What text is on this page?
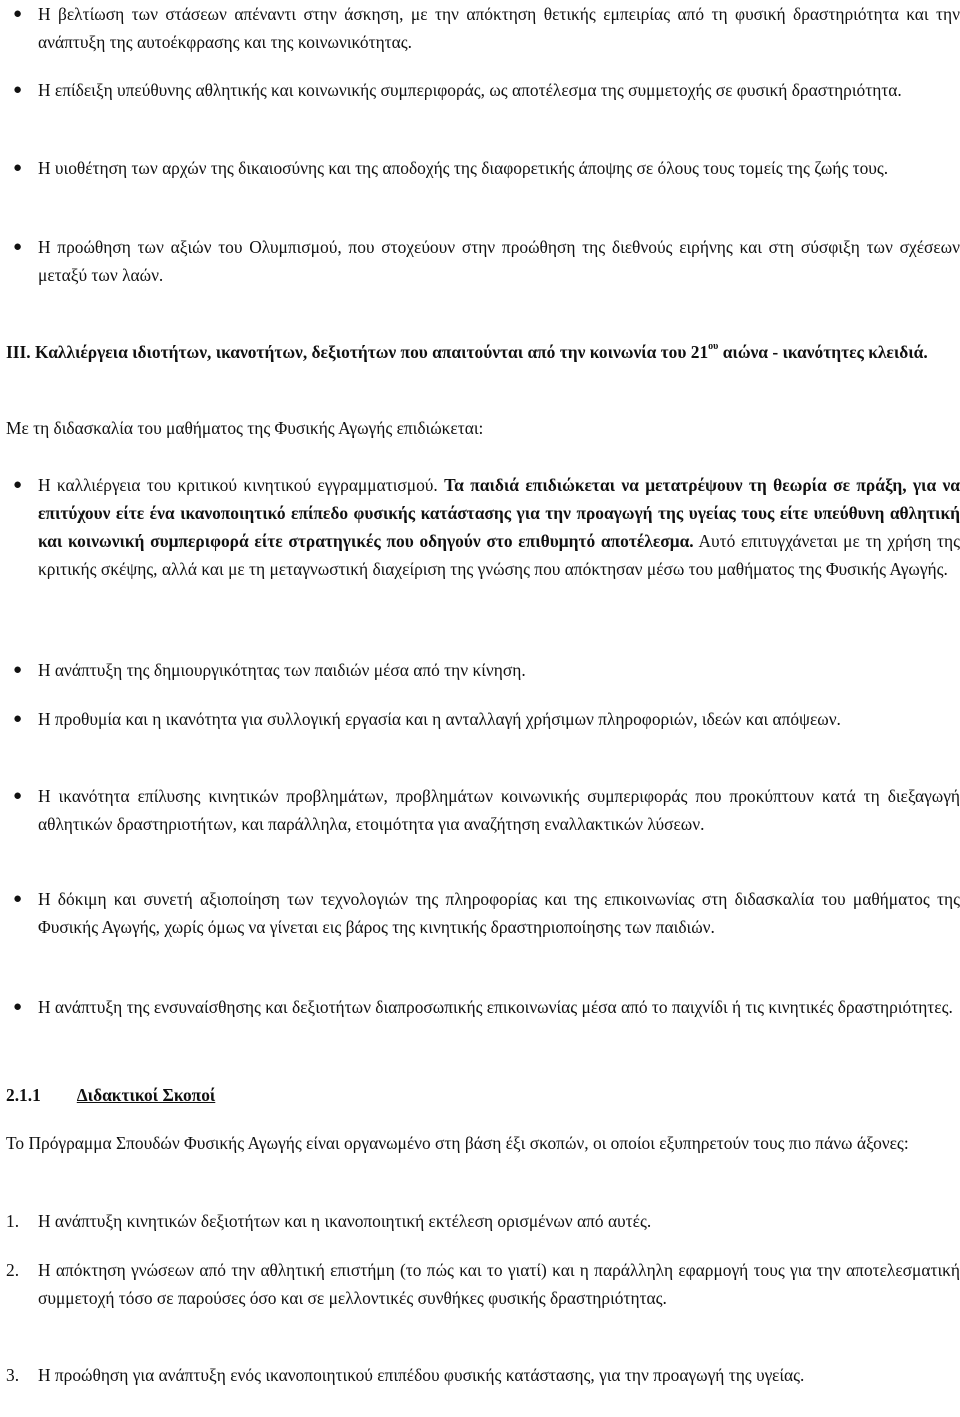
● Η βελτίωση των στάσεων απέναντι στην άσκηση, με την απόκτηση θετικής εμπειρίας από τη φυσική δραστηριότητα και την ανάπτυξη της αυτοέκφρασης και της κοινωνικότητας.
● Η επίδειξη υπεύθυνης αθλητικής και κοινωνικής συμπεριφοράς, ως αποτέλεσμα της συμμετοχής σε φυσική δραστηριότητα.
● Η υιοθέτηση των αρχών της δικαιοσύνης και της αποδοχής της διαφορετικής άποψης σε όλους τους τομείς της ζωής τους.
● Η προώθηση των αξιών του Ολυμπισμού, που στοχεύουν στην προώθηση της διεθνούς ειρήνης και στη σύσφιξη των σχέσεων μεταξύ των λαών.
III. Καλλιέργεια ιδιοτήτων, ικανοτήτων, δεξιοτήτων που απαιτούνται από την κοινωνία του $21^{o\upsilon}$ αιώνα - ικανότητες κλειδιά.
Με τη διδασκαλία του μαθήματος της Φυσικής Αγωγής επιδιώκεται:
● Η καλλιέργεια του κριτικού κινητικού εγγραμματισμού. Τα παιδιά επιδιώκεται να μετατρέψουν τη θεωρία σε πράξη, για να επιτύχουν είτε ένα ικανοποιητικό επίπεδο φυσικής κατάστασης για την προαγωγή της υγείας τους είτε υπεύθυνη αθλητική και κοινωνική συμπεριφορά είτε στρατηγικές που οδηγούν στο επιθυμητό αποτέλεσμα. Αυτό επιτυγχάνεται με τη χρήση της κριτικής σκέψης, αλλά και με τη μεταγνωστική διαχείριση της γνώσης που απόκτησαν μέσω του μαθήματος της Φυσικής Αγωγής.
● Η ανάπτυξη της δημιουργικότητας των παιδιών μέσα από την κίνηση.
● Η προθυμία και η ικανότητα για συλλογική εργασία και η ανταλλαγή χρήσιμων πληροφοριών, ιδεών και απόψεων.
● Η ικανότητα επίλυσης κινητικών προβλημάτων, προβλημάτων κοινωνικής συμπεριφοράς που προκύπτουν κατά τη διεξαγωγή αθλητικών δραστηριοτήτων, και παράλληλα, ετοιμότητα για αναζήτηση εναλλακτικών λύσεων.
● Η δόκιμη και συνετή αξιοποίηση των τεχνολογιών της πληροφορίας και της επικοινωνίας στη διδασκαλία του μαθήματος της Φυσικής Αγωγής, χωρίς όμως να γίνεται εις βάρος της κινητικής δραστηριοποίησης των παιδιών.
● Η ανάπτυξη της ενσυναίσθησης και δεξιοτήτων διαπροσωπικής επικοινωνίας μέσα από το παιχνίδι ή τις κινητικές δραστηριότητες.
2.1.1 Διδακτικοί Σκοποί
Το Πρόγραμμα Σπουδών Φυσικής Αγωγής είναι οργανωμένο στη βάση έξι σκοπών, οι οποίοι εξυπηρετούν τους πιο πάνω άξονες:
1. Η ανάπτυξη κινητικών δεξιοτήτων και η ικανοποιητική εκτέλεση ορισμένων από αυτές.
2. Η απόκτηση γνώσεων από την αθλητική επιστήμη (το πώς και το γιατί) και η παράλληλη εφαρμογή τους για την αποτελεσματική συμμετοχή τόσο σε παρούσες όσο και σε μελλοντικές συνθήκες φυσικής δραστηριότητας.
3. Η προώθηση για ανάπτυξη ενός ικανοποιητικού επιπέδου φυσικής κατάστασης, για την προαγωγή της υγείας.
